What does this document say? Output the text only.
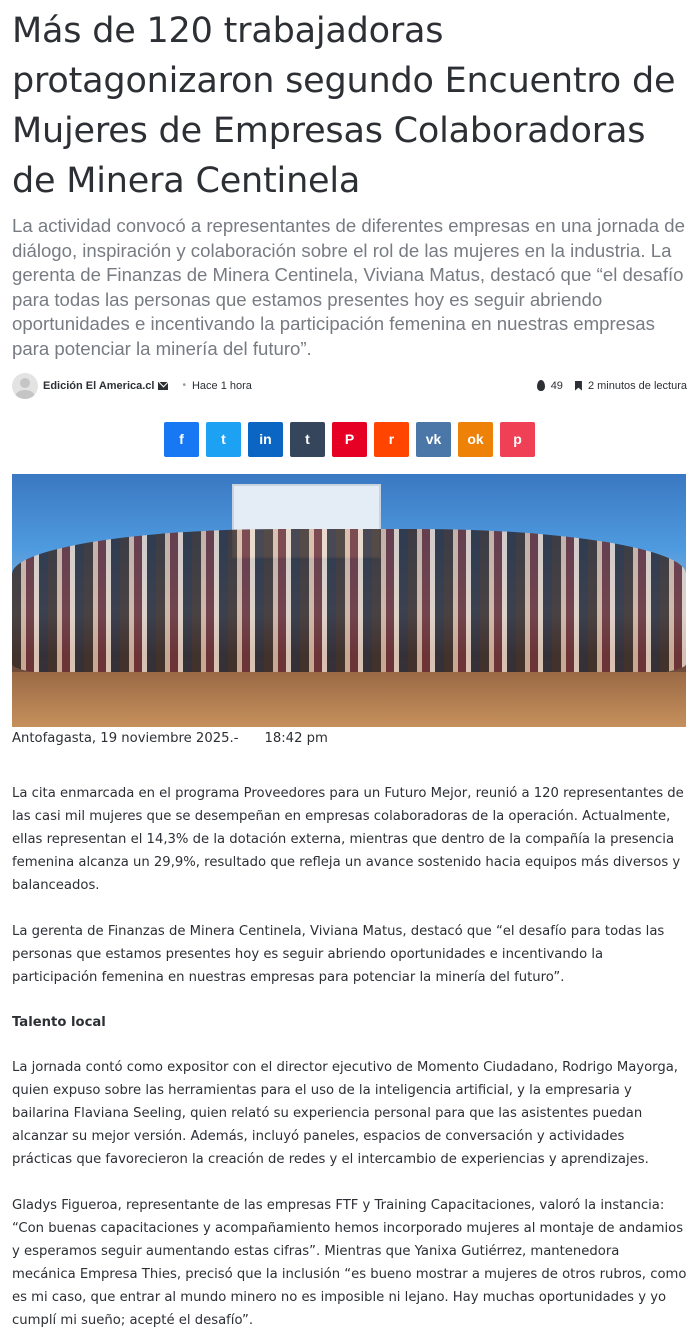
Más de 120 trabajadoras protagonizaron segundo Encuentro de Mujeres de Empresas Colaboradoras de Minera Centinela

La actividad convocó a representantes de diferentes empresas en una jornada de diálogo, inspiración y colaboración sobre el rol de las mujeres en la industria. La gerenta de Finanzas de Minera Centinela, Viviana Matus, destacó que “el desafío para todas las personas que estamos presentes hoy es seguir abriendo oportunidades e incentivando la participación femenina en nuestras empresas para potenciar la minería del futuro”.

Edición El America.cl	• Hace 1 hora	49 2 minutos de lectura
f	t in t	P r vk ok p

Antofagasta, 19 noviembre 2025.- 18:42 pm

La cita enmarcada en el programa Proveedores para un Futuro Mejor, reunió a 120 representantes de las casi mil mujeres que se desempeñan en empresas colaboradoras de la operación. Actualmente, ellas representan el 14,3% de la dotación externa, mientras que dentro de la compañía la presencia femenina alcanza un 29,9%, resultado que refleja un avance sostenido hacia equipos más diversos y balanceados.

La gerenta de Finanzas de Minera Centinela, Viviana Matus, destacó que “el desafío para todas las personas que estamos presentes hoy es seguir abriendo oportunidades e incentivando la participación femenina en nuestras empresas para potenciar la minería del futuro”.

Talento local

La jornada contó como expositor con el director ejecutivo de Momento Ciudadano, Rodrigo Mayorga, quien expuso sobre las herramientas para el uso de la inteligencia artificial, y la empresaria y bailarina Flaviana Seeling, quien relató su experiencia personal para que las asistentes puedan alcanzar su mejor versión. Además, incluyó paneles, espacios de conversación y actividades prácticas que favorecieron la creación de redes y el intercambio de experiencias y aprendizajes.

Gladys Figueroa, representante de las empresas FTF y Training Capacitaciones, valoró la instancia: “Con buenas capacitaciones y acompañamiento hemos incorporado mujeres al montaje de andamios y esperamos seguir aumentando estas cifras”. Mientras que Yanixa Gutiérrez, mantenedora mecánica Empresa Thies, precisó que la inclusión “es bueno mostrar a mujeres de otros rubros, como es mi caso, que entrar al mundo minero no es imposible ni lejano. Hay muchas oportunidades y yo cumplí mi sueño; acepté el desafío”.
